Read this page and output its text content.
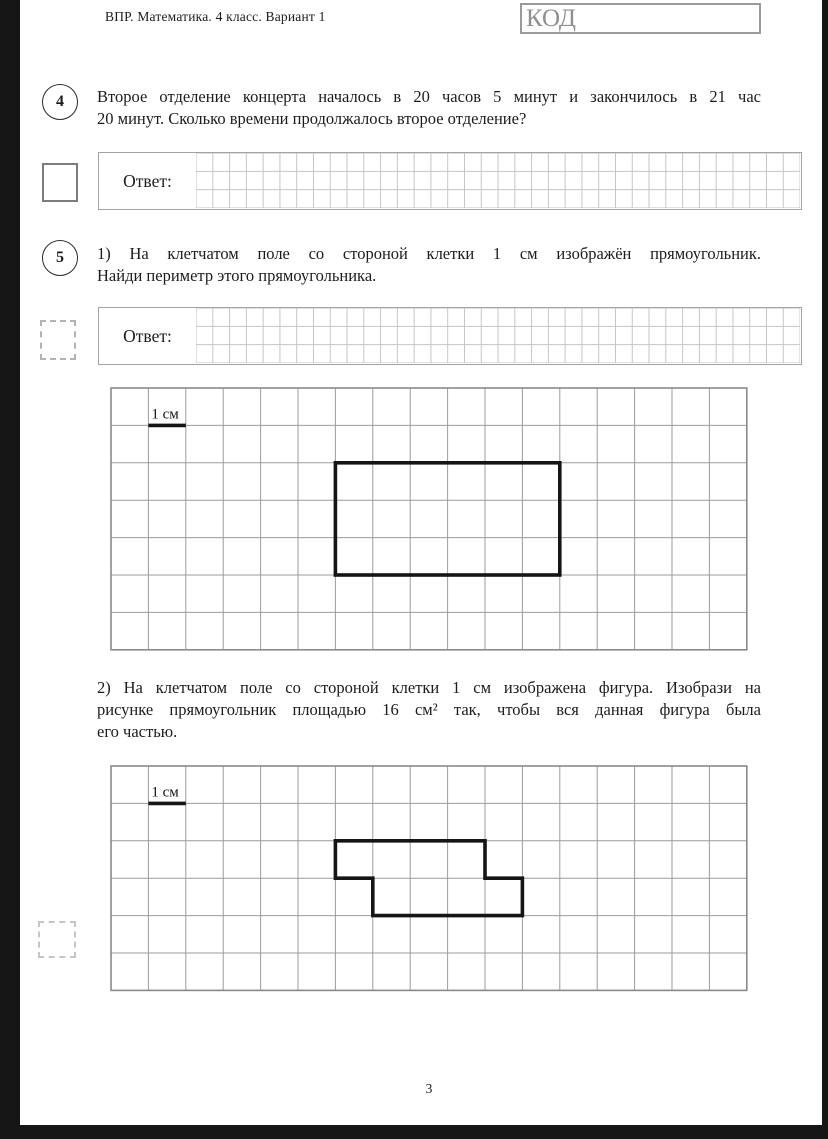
ВПР. Математика. 4 класс. Вариант 1	КОД
4 Второе отделение концерта началось в 20 часов 5 минут и закончилось в 21 час
20 минут. Сколько времени продолжалось второе отделение?
Ответ:
5 1) На клетчатом поле со стороной клетки 1 см изображён прямоугольник.
Найди периметр этого прямоугольника.
Ответ:
1 см
2) На клетчатом поле со стороной клетки 1 см изображена фигура. Изобрази на
рисунке прямоугольник площадью 16 см² так, чтобы вся данная фигура была
его частью.
1 см
3
